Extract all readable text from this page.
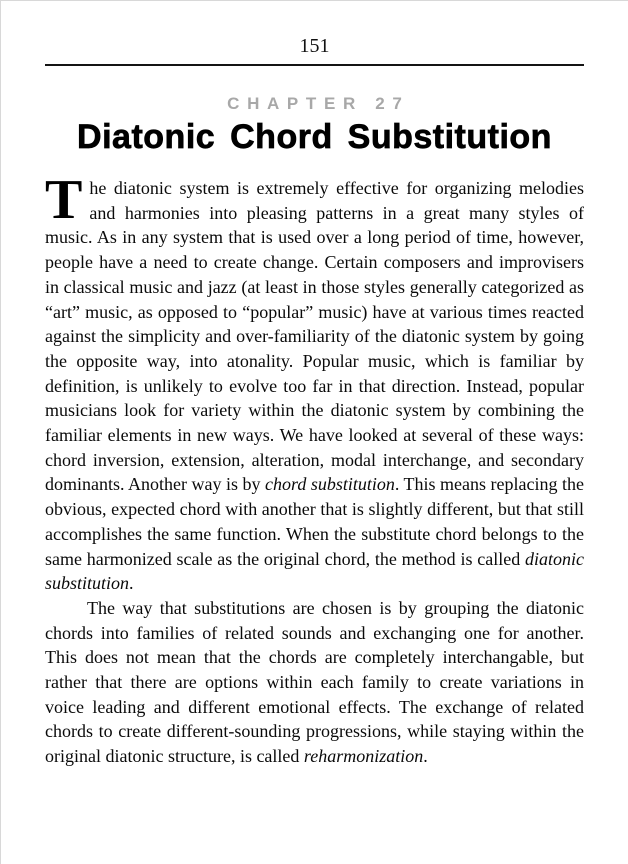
151
CHAPTER 27
Diatonic Chord Substitution

The diatonic system is extremely effective for organizing melodies and harmonies into pleasing patterns in a great many styles of music. As in any system that is used over a long period of time, however, people have a need to create change. Certain composers and improvisers in classical music and jazz (at least in those styles generally categorized as “art” music, as opposed to “popular” music) have at various times reacted against the simplicity and over-familiarity of the diatonic system by going the opposite way, into atonality. Popular music, which is familiar by definition, is unlikely to evolve too far in that direction. Instead, popular musicians look for variety within the diatonic system by combining the familiar elements in new ways. We have looked at several of these ways: chord inversion, extension, alteration, modal interchange, and secondary dominants. Another way is by chord substitution. This means replacing the obvious, expected chord with another that is slightly different, but that still accomplishes the same function. When the substitute chord belongs to the same harmonized scale as the original chord, the method is called diatonic substitution.

The way that substitutions are chosen is by grouping the diatonic chords into families of related sounds and exchanging one for another. This does not mean that the chords are completely interchangable, but rather that there are options within each family to create variations in voice leading and different emotional effects. The exchange of related chords to create different-sounding progressions, while staying within the original diatonic structure, is called reharmonization.
